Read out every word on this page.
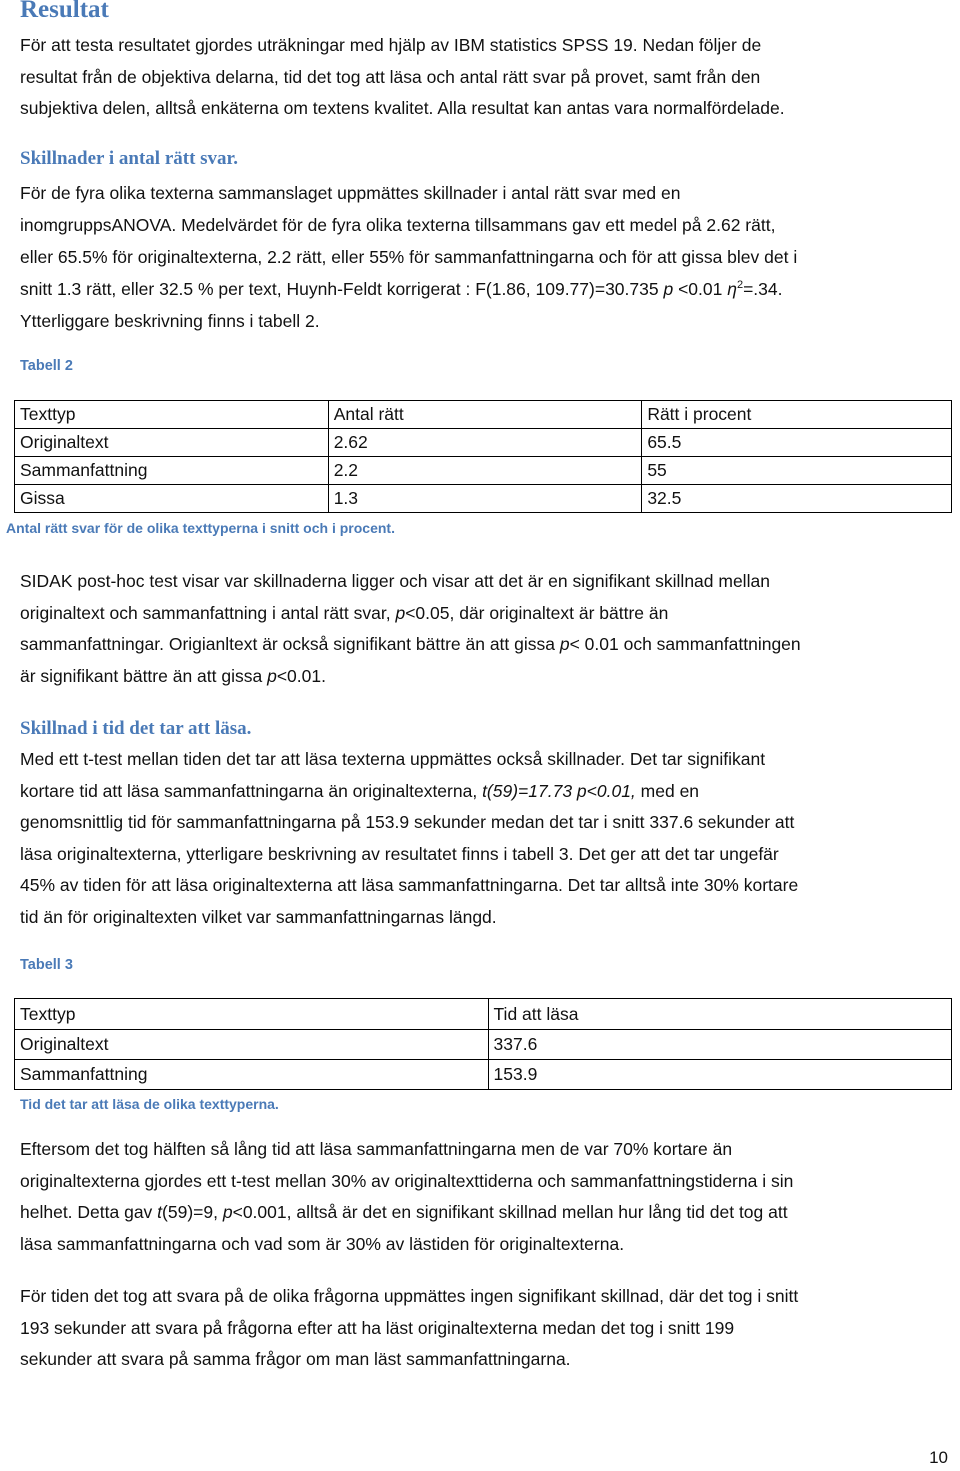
Resultat
För att testa resultatet gjordes uträkningar med hjälp av IBM statistics SPSS 19. Nedan följer de
resultat från de objektiva delarna, tid det tog att läsa och antal rätt svar på provet, samt från den
subjektiva delen, alltså enkäterna om textens kvalitet. Alla resultat kan antas vara normalfördelade.
Skillnader i antal rätt svar.
För de fyra olika texterna sammanslaget uppmättes skillnader i antal rätt svar med en
inomgruppsANOVA. Medelvärdet för de fyra olika texterna tillsammans gav ett medel på 2.62 rätt,
eller 65.5% för originaltexterna, 2.2 rätt, eller 55% för sammanfattningarna och för att gissa blev det i
snitt 1.3 rätt, eller 32.5 % per text, Huynh-Feldt korrigerat : F(1.86, 109.77)=30.735 p <0.01 $\eta^2=.34$.
Ytterliggare beskrivning finns i tabell 2.

Tabell 2

Texttyp	Antal rätt	Rätt i procent
Originaltext	2.62	65.5
Sammanfattning	2.2	55
Gissa	1.3	32.5

Antal rätt svar för de olika texttyperna i snitt och i procent.

SIDAK post-hoc test visar var skillnaderna ligger och visar att det är en signifikant skillnad mellan
originaltext och sammanfattning i antal rätt svar, p<0.05, där originaltext är bättre än
sammanfattningar. Origianltext är också signifikant bättre än att gissa p< 0.01 och sammanfattningen
är signifikant bättre än att gissa p<0.01.
Skillnad i tid det tar att läsa.
Med ett t-test mellan tiden det tar att läsa texterna uppmättes också skillnader. Det tar signifikant
kortare tid att läsa sammanfattningarna än originaltexterna, t(59)=17.73 p<0.01, med en
genomsnittlig tid för sammanfattningarna på 153.9 sekunder medan det tar i snitt 337.6 sekunder att
läsa originaltexterna, ytterligare beskrivning av resultatet finns i tabell 3. Det ger att det tar ungefär
45% av tiden för att läsa originaltexterna att läsa sammanfattningarna. Det tar alltså inte 30% kortare
tid än för originaltexten vilket var sammanfattningarnas längd.

Tabell 3

Texttyp	Tid att läsa
Originaltext	337.6
Sammanfattning	153.9

Tid det tar att läsa de olika texttyperna.

Eftersom det tog hälften så lång tid att läsa sammanfattningarna men de var 70% kortare än
originaltexterna gjordes ett t-test mellan 30% av originaltexttiderna och sammanfattningstiderna i sin
helhet. Detta gav t(59)=9, p<0.001, alltså är det en signifikant skillnad mellan hur lång tid det tog att
läsa sammanfattningarna och vad som är 30% av lästiden för originaltexterna.
För tiden det tog att svara på de olika frågorna uppmättes ingen signifikant skillnad, där det tog i snitt
193 sekunder att svara på frågorna efter att ha läst originaltexterna medan det tog i snitt 199
sekunder att svara på samma frågor om man läst sammanfattningarna.

10
